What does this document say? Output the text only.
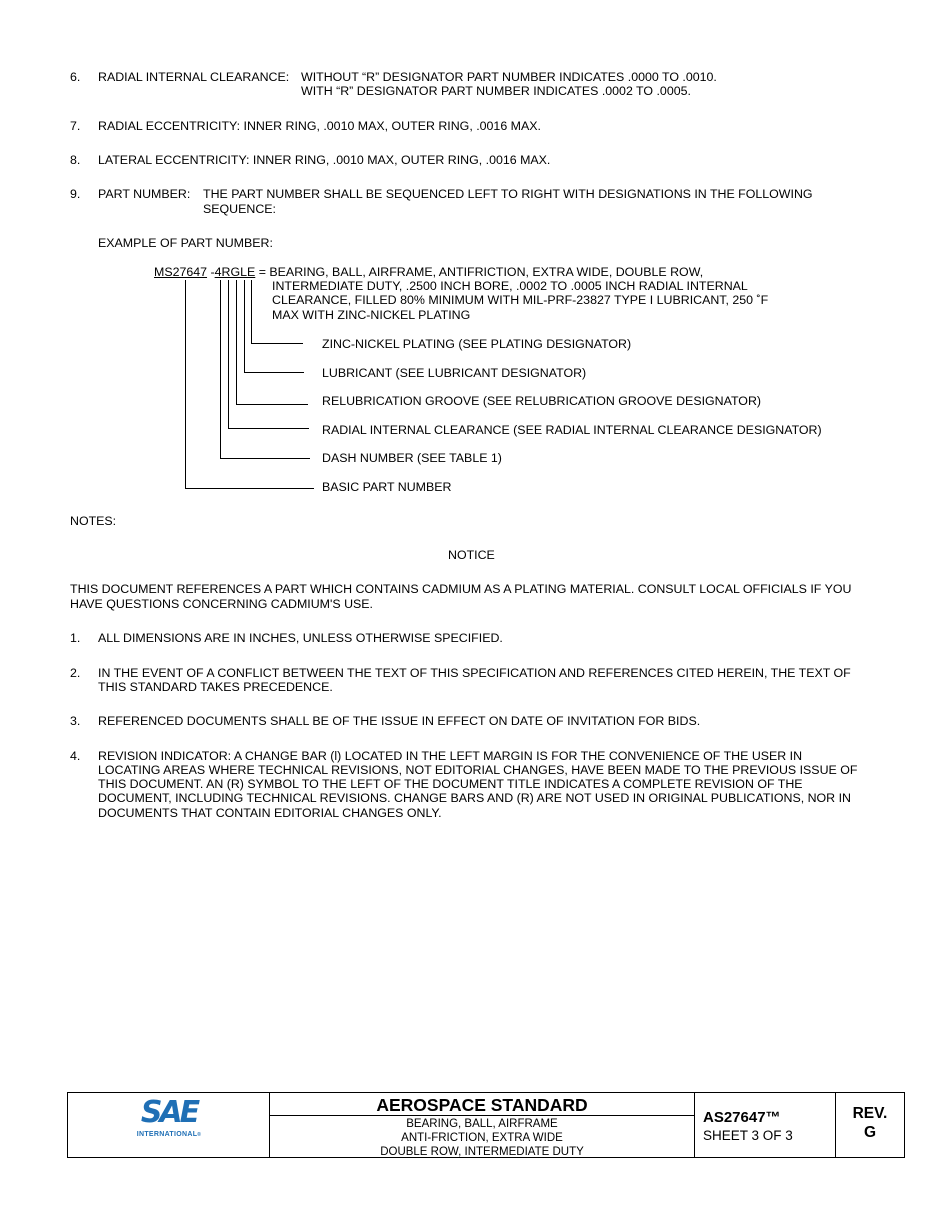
6. RADIAL INTERNAL CLEARANCE: WITHOUT “R” DESIGNATOR PART NUMBER INDICATES .0000 TO .0010.
WITH “R” DESIGNATOR PART NUMBER INDICATES .0002 TO .0005.
7. RADIAL ECCENTRICITY: INNER RING, .0010 MAX, OUTER RING, .0016 MAX.
8. LATERAL ECCENTRICITY: INNER RING, .0010 MAX, OUTER RING, .0016 MAX.
9. PART NUMBER: THE PART NUMBER SHALL BE SEQUENCED LEFT TO RIGHT WITH DESIGNATIONS IN THE FOLLOWING
SEQUENCE:
EXAMPLE OF PART NUMBER:
MS27647 -4RGLE = BEARING, BALL, AIRFRAME, ANTIFRICTION, EXTRA WIDE, DOUBLE ROW,
INTERMEDIATE DUTY, .2500 INCH BORE, .0002 TO .0005 INCH RADIAL INTERNAL
CLEARANCE, FILLED 80% MINIMUM WITH MIL-PRF-23827 TYPE I LUBRICANT, 250 ˚F
MAX WITH ZINC-NICKEL PLATING
ZINC-NICKEL PLATING (SEE PLATING DESIGNATOR)
LUBRICANT (SEE LUBRICANT DESIGNATOR)
RELUBRICATION GROOVE (SEE RELUBRICATION GROOVE DESIGNATOR)
RADIAL INTERNAL CLEARANCE (SEE RADIAL INTERNAL CLEARANCE DESIGNATOR)
DASH NUMBER (SEE TABLE 1)
BASIC PART NUMBER
NOTES:
NOTICE
THIS DOCUMENT REFERENCES A PART WHICH CONTAINS CADMIUM AS A PLATING MATERIAL. CONSULT LOCAL OFFICIALS IF YOU
HAVE QUESTIONS CONCERNING CADMIUM'S USE.
1. ALL DIMENSIONS ARE IN INCHES, UNLESS OTHERWISE SPECIFIED.
2. IN THE EVENT OF A CONFLICT BETWEEN THE TEXT OF THIS SPECIFICATION AND REFERENCES CITED HEREIN, THE TEXT OF
THIS STANDARD TAKES PRECEDENCE.
3. REFERENCED DOCUMENTS SHALL BE OF THE ISSUE IN EFFECT ON DATE OF INVITATION FOR BIDS.
4. REVISION INDICATOR: A CHANGE BAR (l) LOCATED IN THE LEFT MARGIN IS FOR THE CONVENIENCE OF THE USER IN
LOCATING AREAS WHERE TECHNICAL REVISIONS, NOT EDITORIAL CHANGES, HAVE BEEN MADE TO THE PREVIOUS ISSUE OF
THIS DOCUMENT. AN (R) SYMBOL TO THE LEFT OF THE DOCUMENT TITLE INDICATES A COMPLETE REVISION OF THE
DOCUMENT, INCLUDING TECHNICAL REVISIONS. CHANGE BARS AND (R) ARE NOT USED IN ORIGINAL PUBLICATIONS, NOR IN
DOCUMENTS THAT CONTAIN EDITORIAL CHANGES ONLY.
SAE
INTERNATIONAL®
AEROSPACE STANDARD
BEARING, BALL, AIRFRAME
ANTI-FRICTION, EXTRA WIDE
DOUBLE ROW, INTERMEDIATE DUTY
AS27647™
SHEET 3 OF 3
REV.
G
